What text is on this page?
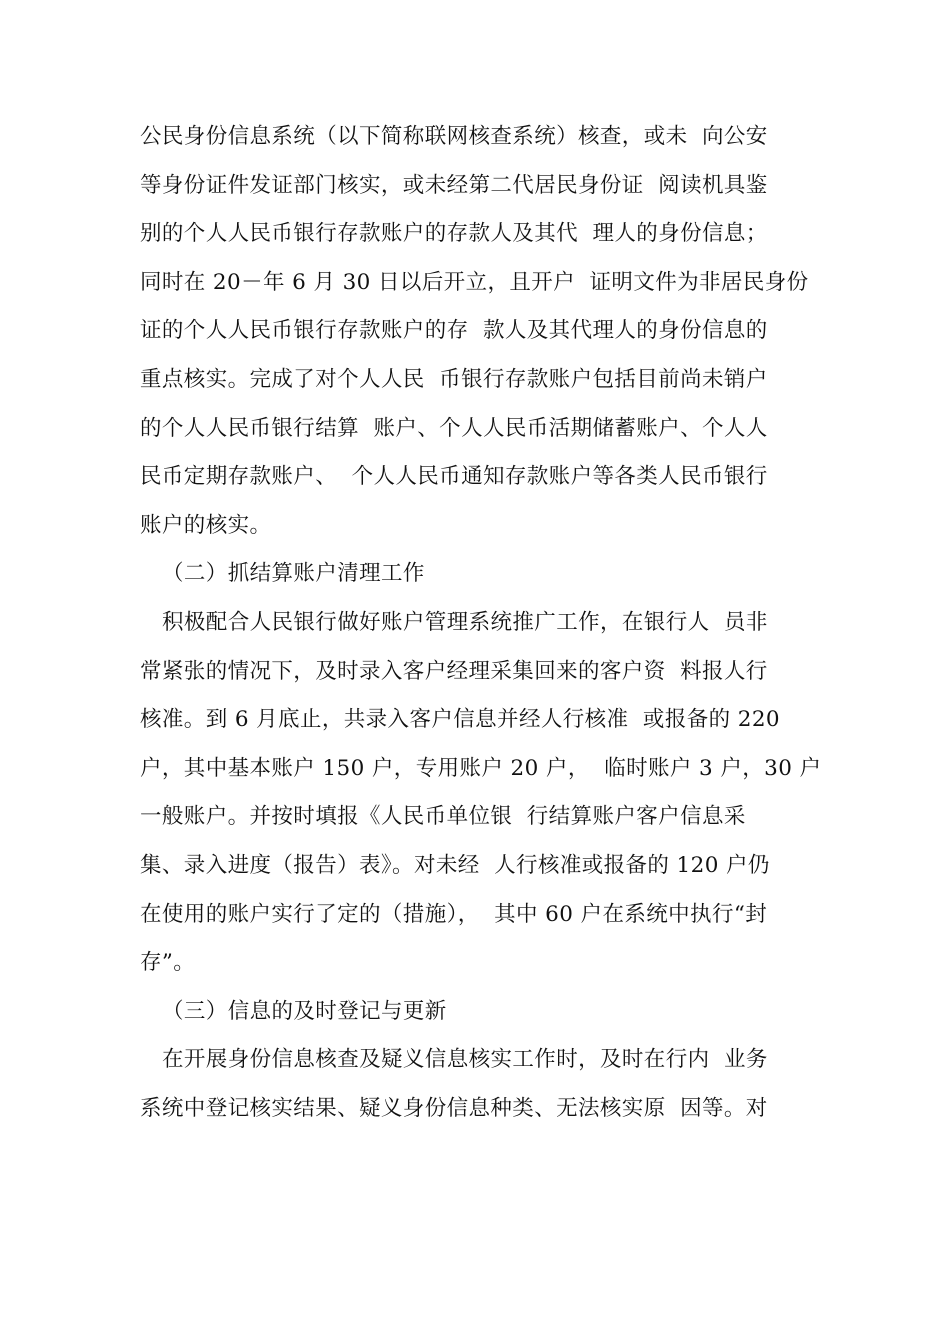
公民身份信息系统（以下简称联网核查系统）核查，或未  向公安
等身份证件发证部门核实，或未经第二代居民身份证  阅读机具鉴
别的个人人民币银行存款账户的存款人及其代  理人的身份信息；
同时在 20－年 6 月 30 日以后开立，且开户  证明文件为非居民身份
证的个人人民币银行存款账户的存  款人及其代理人的身份信息的
重点核实。完成了对个人人民  币银行存款账户包括目前尚未销户
的个人人民币银行结算  账户、个人人民币活期储蓄账户、个人人
民币定期存款账户、  个人人民币通知存款账户等各类人民币银行
账户的核实。
（二）抓结算账户清理工作
积极配合人民银行做好账户管理系统推广工作，在银行人  员非
常紧张的情况下，及时录入客户经理采集回来的客户资  料报人行
核准。到 6 月底止，共录入客户信息并经人行核准  或报备的 220
户，其中基本账户 150 户，专用账户 20 户，  临时账户 3 户，30 户
一般账户。并按时填报《人民币单位银  行结算账户客户信息采
集、录入进度（报告）表》。对未经  人行核准或报备的 120 户仍
在使用的账户实行了定的（措施），  其中 60 户在系统中执行“封
存”。
（三）信息的及时登记与更新
在开展身份信息核查及疑义信息核实工作时，及时在行内  业务
系统中登记核实结果、疑义身份信息种类、无法核实原  因等。对
